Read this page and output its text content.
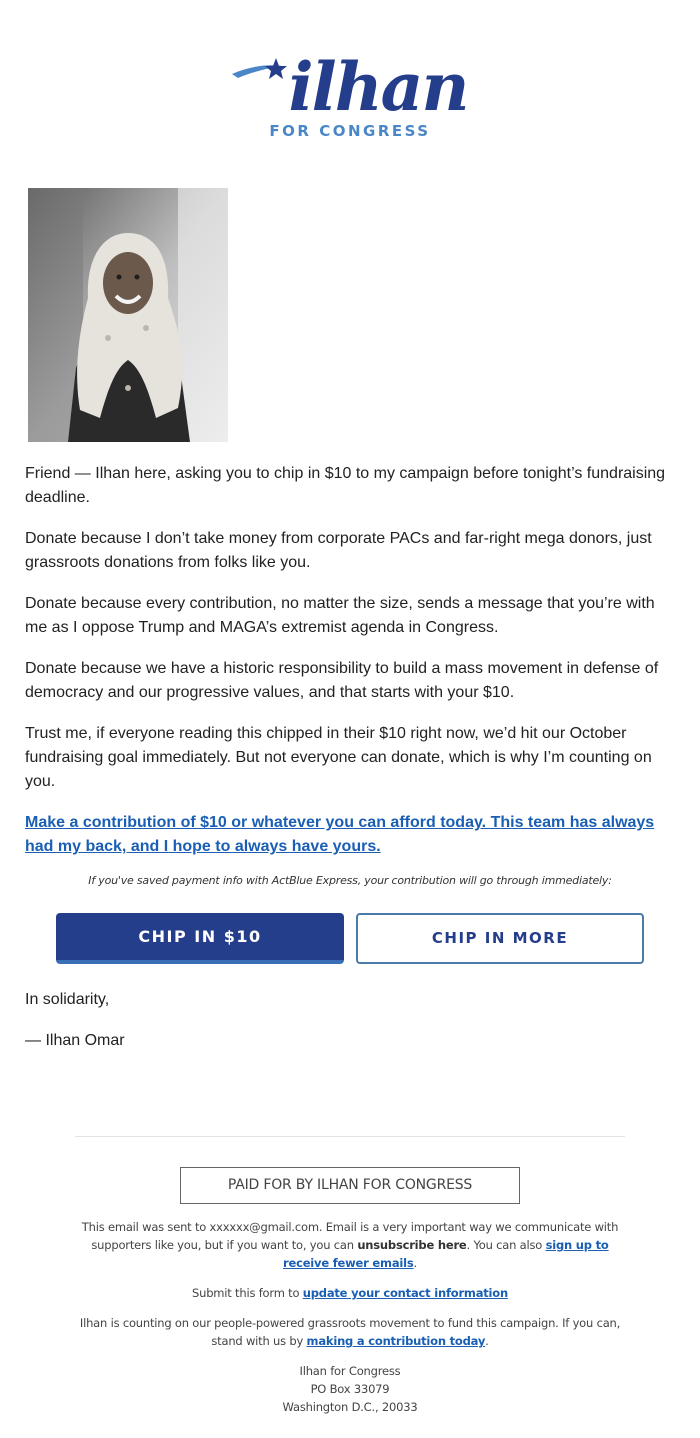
ilhan
FOR CONGRESS

Friend — Ilhan here, asking you to chip in $10 to my campaign before tonight’s fundraising deadline.

Donate because I don’t take money from corporate PACs and far-right mega donors, just grassroots donations from folks like you.

Donate because every contribution, no matter the size, sends a message that you’re with me as I oppose Trump and MAGA’s extremist agenda in Congress.

Donate because we have a historic responsibility to build a mass movement in defense of democracy and our progressive values, and that starts with your $10.

Trust me, if everyone reading this chipped in their $10 right now, we’d hit our October fundraising goal immediately. But not everyone can donate, which is why I’m counting on you.

Make a contribution of $10 or whatever you can afford today. This team has always had my back, and I hope to always have yours.

If you've saved payment info with ActBlue Express, your contribution will go through immediately:
CHIP IN $10	CHIP IN MORE

In solidarity,

— Ilhan Omar

PAID FOR BY ILHAN FOR CONGRESS

This email was sent to xxxxxx@gmail.com. Email is a very important way we communicate with supporters like you, but if you want to, you can unsubscribe here. You can also sign up to receive fewer emails.

Submit this form to update your contact information

Ilhan is counting on our people-powered grassroots movement to fund this campaign. If you can, stand with us by making a contribution today.

Ilhan for Congress
PO Box 33079
Washington D.C., 20033
